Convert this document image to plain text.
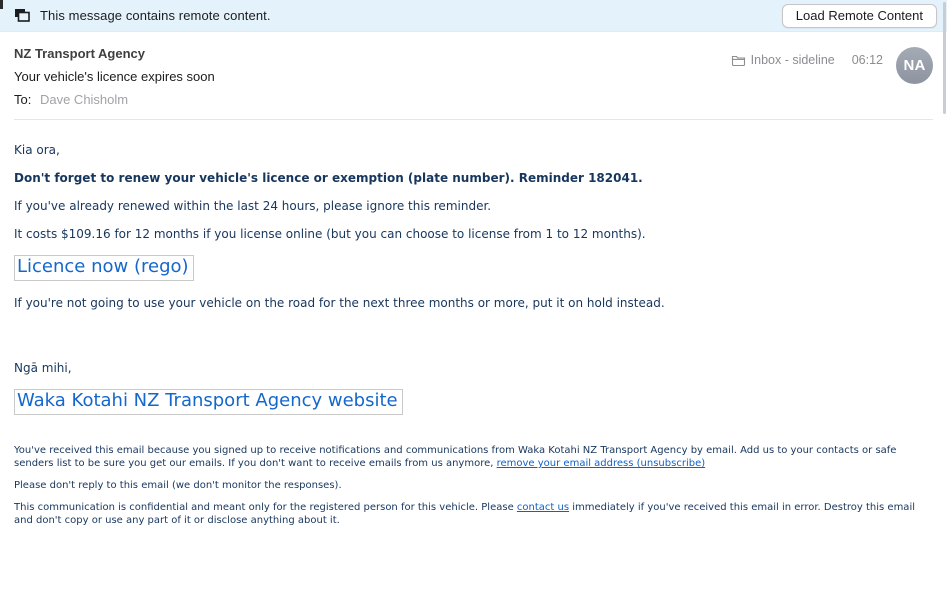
This message contains remote content.	Load Remote Content
NZ Transport Agency
Your vehicle's licence expires soon
To: Dave Chisholm
Inbox - sideline 06:12	NA

Kia ora,

Don't forget to renew your vehicle's licence or exemption (plate number). Reminder 182041.

If you've already renewed within the last 24 hours, please ignore this reminder.

It costs $109.16 for 12 months if you license online (but you can choose to license from 1 to 12 months).

Licence now (rego)

If you're not going to use your vehicle on the road for the next three months or more, put it on hold instead.

Ngā mihi,

Waka Kotahi NZ Transport Agency website

You've received this email because you signed up to receive notifications and communications from Waka Kotahi NZ Transport Agency by email. Add us to your contacts or safe senders list to be sure you get our emails. If you don't want to receive emails from us anymore, remove your email address (unsubscribe)

Please don't reply to this email (we don't monitor the responses).

This communication is confidential and meant only for the registered person for this vehicle. Please contact us immediately if you've received this email in error. Destroy this email and don't copy or use any part of it or disclose anything about it.
